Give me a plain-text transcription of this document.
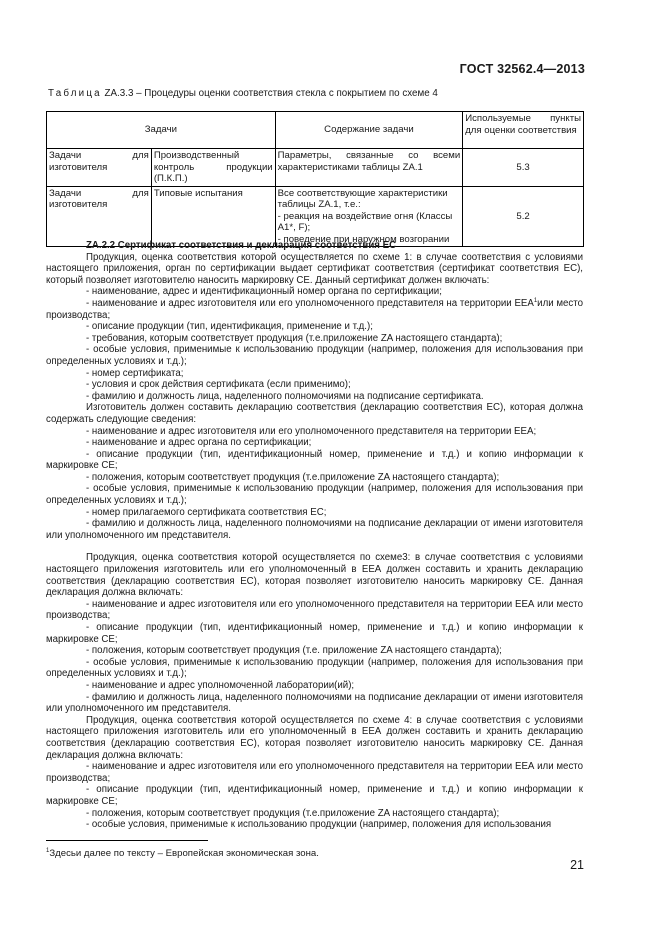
ГОСТ 32562.4—2013
Таблица ZA.3.3 – Процедуры оценки соответствия стекла с покрытием по схеме 4
Задачи		Содержание задачи	Используемые пункты для оценки соответствия
Задачи для изготовителя	Производственный контроль продукции (П.К.П.)	Параметры, связанные со всеми характеристиками таблицы ZA.1	5.3
Задачи для изготовителя	Типовые испытания	Все соответствующие характеристики таблицы ZA.1, т.е.:
- реакция на воздействие огня (Классы A1*, F);
- поведение при наружном возгорании	5.2
ZA.2.2 Сертификат соответствия и декларация соответствия ЕС

Продукция, оценка соответствия которой осуществляется по схеме 1: в случае соответствия с условиями настоящего приложения, орган по сертификации выдает сертификат соответствия (сертификат соответствия ЕС), который позволяет изготовителю наносить маркировку СЕ. Данный сертификат должен включать:

- наименование, адрес и идентификационный номер органа по сертификации;

- наименование и адрес изготовителя или его уполномоченного представителя на территории ЕЕА$^1$или место производства;

- описание продукции (тип, идентификация, применение и т.д.);

- требования, которым соответствует продукция (т.е.приложение ZA настоящего стандарта);

- особые условия, применимые к использованию продукции (например, положения для использования при определенных условиях и т.д.);

- номер сертификата;

- условия и срок действия сертификата (если применимо);

- фамилию и должность лица, наделенного полномочиями на подписание сертификата.

Изготовитель должен составить декларацию соответствия (декларацию соответствия ЕС), которая должна содержать следующие сведения:

- наименование и адрес изготовителя или его уполномоченного представителя на территории ЕЕА;

- наименование и адрес органа по сертификации;

- описание продукции (тип, идентификационный номер, применение и т.д.) и копию информации к маркировке СЕ;

- положения, которым соответствует продукция (т.е.приложение ZA настоящего стандарта);

- особые условия, применимые к использованию продукции (например, положения для использования при определенных условиях и т.д.);

- номер прилагаемого сертификата соответствия ЕС;

- фамилию и должность лица, наделенного полномочиями на подписание декларации от имени изготовителя или уполномоченного им представителя.

Продукция, оценка соответствия которой осуществляется по схеме3: в случае соответствия с условиями настоящего приложения изготовитель или его уполномоченный в ЕЕА должен составить и хранить декларацию соответствия (декларацию соответствия ЕС), которая позволяет изготовителю наносить маркировку СЕ. Данная декларация должна включать:

- наименование и адрес изготовителя или его уполномоченного представителя на территории ЕЕА или место производства;

- описание продукции (тип, идентификационный номер, применение и т.д.) и копию информации к маркировке СЕ;

- положения, которым соответствует продукция (т.е. приложение ZA настоящего стандарта);

- особые условия, применимые к использованию продукции (например, положения для использования при определенных условиях и т.д.);

- наименование и адрес уполномоченной лаборатории(ий);

- фамилию и должность лица, наделенного полномочиями на подписание декларации от имени изготовителя или уполномоченного им представителя.

Продукция, оценка соответствия которой осуществляется по схеме 4: в случае соответствия с условиями настоящего приложения изготовитель или его уполномоченный в ЕЕА должен составить и хранить декларацию соответствия (декларацию соответствия ЕС), которая позволяет изготовителю наносить маркировку СЕ. Данная декларация должна включать:

- наименование и адрес изготовителя или его уполномоченного представителя на территории ЕЕА или место производства;

- описание продукции (тип, идентификационный номер, применение и т.д.) и копию информации к маркировке СЕ;

- положения, которым соответствует продукция (т.е.приложение ZA настоящего стандарта);

- особые условия, применимые к использованию продукции (например, положения для использования

$^1$Здесьи далее по тексту – Европейская экономическая зона.
21
